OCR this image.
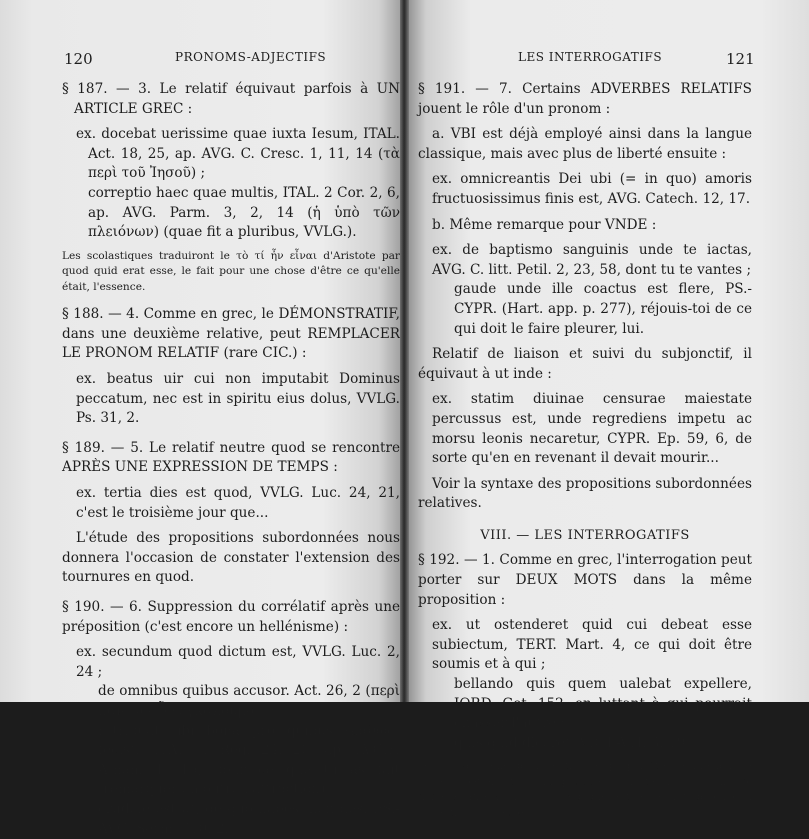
120	PRONOMS-ADJECTIFS

§ 187. — 3. Le relatif équivaut parfois à UN ARTICLE GREC :

ex. docebat uerissime quae iuxta Iesum, ITAL. Act. 18, 25, ap. AVG. C. Cresc. 1, 11, 14 (τὰ περὶ τοῦ Ἰησοῦ) ;

correptio haec quae multis, ITAL. 2 Cor. 2, 6, ap. AVG. Parm. 3, 2, 14 (ἡ ὑπὸ τῶν πλειόνων) (quae fit a pluribus, VVLG.).

Les scolastiques traduiront le τὸ τί ἦν εἶναι d'Aristote par quod quid erat esse, le fait pour une chose d'être ce qu'elle était, l'essence.

§ 188. — 4. Comme en grec, le DÉMONSTRATIF, dans une deuxième relative, peut REMPLACER LE PRONOM RELATIF (rare CIC.) :

ex. beatus uir cui non imputabit Dominus peccatum, nec est in spiritu eius dolus, VVLG. Ps. 31, 2.

§ 189. — 5. Le relatif neutre quod se rencontre APRÈS UNE EXPRESSION DE TEMPS :

ex. tertia dies est quod, VVLG. Luc. 24, 21, c'est le troisième jour que...

L'étude des propositions subordonnées nous donnera l'occasion de constater l'extension des tournures en quod.

§ 190. — 6. Suppression du corrélatif après une préposition (c'est encore un hellénisme) :

ex. secundum quod dictum est, VVLG. Luc. 2, 24 ;

de omnibus quibus accusor. Act. 26, 2 (περὶ πάντων ὧν ἐγκαλοῦμαι) ;

retribuat tibi bona pro quibus (καθὼς) fecisti, ITAL. 1 Reg. 24, 20, ap. LVCIF. Athan. 1, 15, pour ce que tu as fait (remarquer en outre l'attraction) ;

crudele est ut, de quo habes, non des, PS.-AVG. Serm. 310, 2.

LES INTERROGATIFS	121

§ 191. — 7. Certains ADVERBES RELATIFS jouent le rôle d'un pronom :

a. VBI est déjà employé ainsi dans la langue classique, mais avec plus de liberté ensuite :

ex. omnicreantis Dei ubi (= in quo) amoris fructuosissimus finis est, AVG. Catech. 12, 17.

b. Même remarque pour VNDE :

ex. de baptismo sanguinis unde te iactas, AVG. C. litt. Petil. 2, 23, 58, dont tu te vantes ;

gaude unde ille coactus est flere, PS.-CYPR. (Hart. app. p. 277), réjouis-toi de ce qui doit le faire pleurer, lui.

Relatif de liaison et suivi du subjonctif, il équivaut à ut inde :

ex. statim diuinae censurae maiestate percussus est, unde regrediens impetu ac morsu leonis necaretur, CYPR. Ep. 59, 6, de sorte qu'en en revenant il devait mourir...

Voir la syntaxe des propositions subordonnées relatives.

VIII. — LES INTERROGATIFS

§ 192. — 1. Comme en grec, l'interrogation peut porter sur DEUX MOTS dans la même proposition :

ex. ut ostenderet quid cui debeat esse subiectum, TERT. Mart. 4, ce qui doit être soumis et à qui ;

bellando quis quem ualebat expellere, IORD. Get. 152, en luttant à qui pourrait chasser l'autre ;

quis quid diceret, VICT.-VIT. 3, 19.

On trouve même deux relatifs, ce qui paraît être un exemple isolé : petierunt... unusquisque monasteria sua, qui ubi habebat, PEREG. 20, 7, ils regagnèrent leur ermitage, chacun où se trouvait le sien.
